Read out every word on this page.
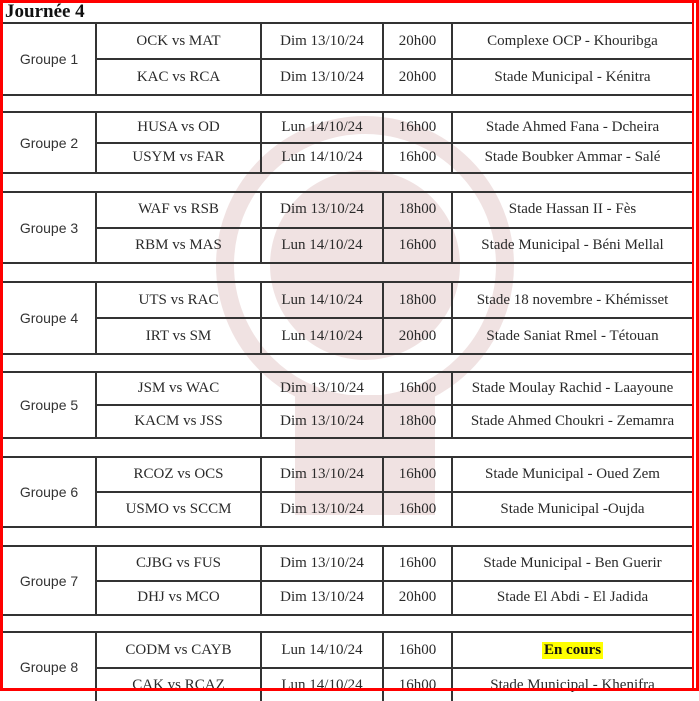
Journée 4
Groupe 1
OCK vs MAT	Dim 13/10/24	20h00	Complexe OCP - Khouribga
KAC vs RCA	Dim 13/10/24	20h00	Stade Municipal - Kénitra
Groupe 2
HUSA vs OD	Lun 14/10/24	16h00	Stade Ahmed Fana - Dcheira
USYM vs FAR	Lun 14/10/24	16h00	Stade Boubker Ammar - Salé
Groupe 3
WAF vs RSB	Dim 13/10/24	18h00	Stade Hassan II - Fès
RBM vs MAS	Lun 14/10/24	16h00	Stade Municipal - Béni Mellal
Groupe 4
UTS vs RAC	Lun 14/10/24	18h00	Stade 18 novembre - Khémisset
IRT vs SM	Lun 14/10/24	20h00	Stade Saniat Rmel - Tétouan
Groupe 5
JSM vs WAC	Dim 13/10/24	16h00	Stade Moulay Rachid - Laayoune
KACM vs JSS	Dim 13/10/24	18h00	Stade Ahmed Choukri - Zemamra
Groupe 6
RCOZ vs OCS	Dim 13/10/24	16h00	Stade Municipal - Oued Zem
USMO vs SCCM	Dim 13/10/24	16h00	Stade Municipal -Oujda
Groupe 7
CJBG vs FUS	Dim 13/10/24	16h00	Stade Municipal - Ben Guerir
DHJ vs MCO	Dim 13/10/24	20h00	Stade El Abdi - El Jadida
Groupe 8
CODM vs CAYB	Lun 14/10/24	16h00	En cours
CAK vs RCAZ	Lun 14/10/24	16h00	Stade Municipal - Khenifra
